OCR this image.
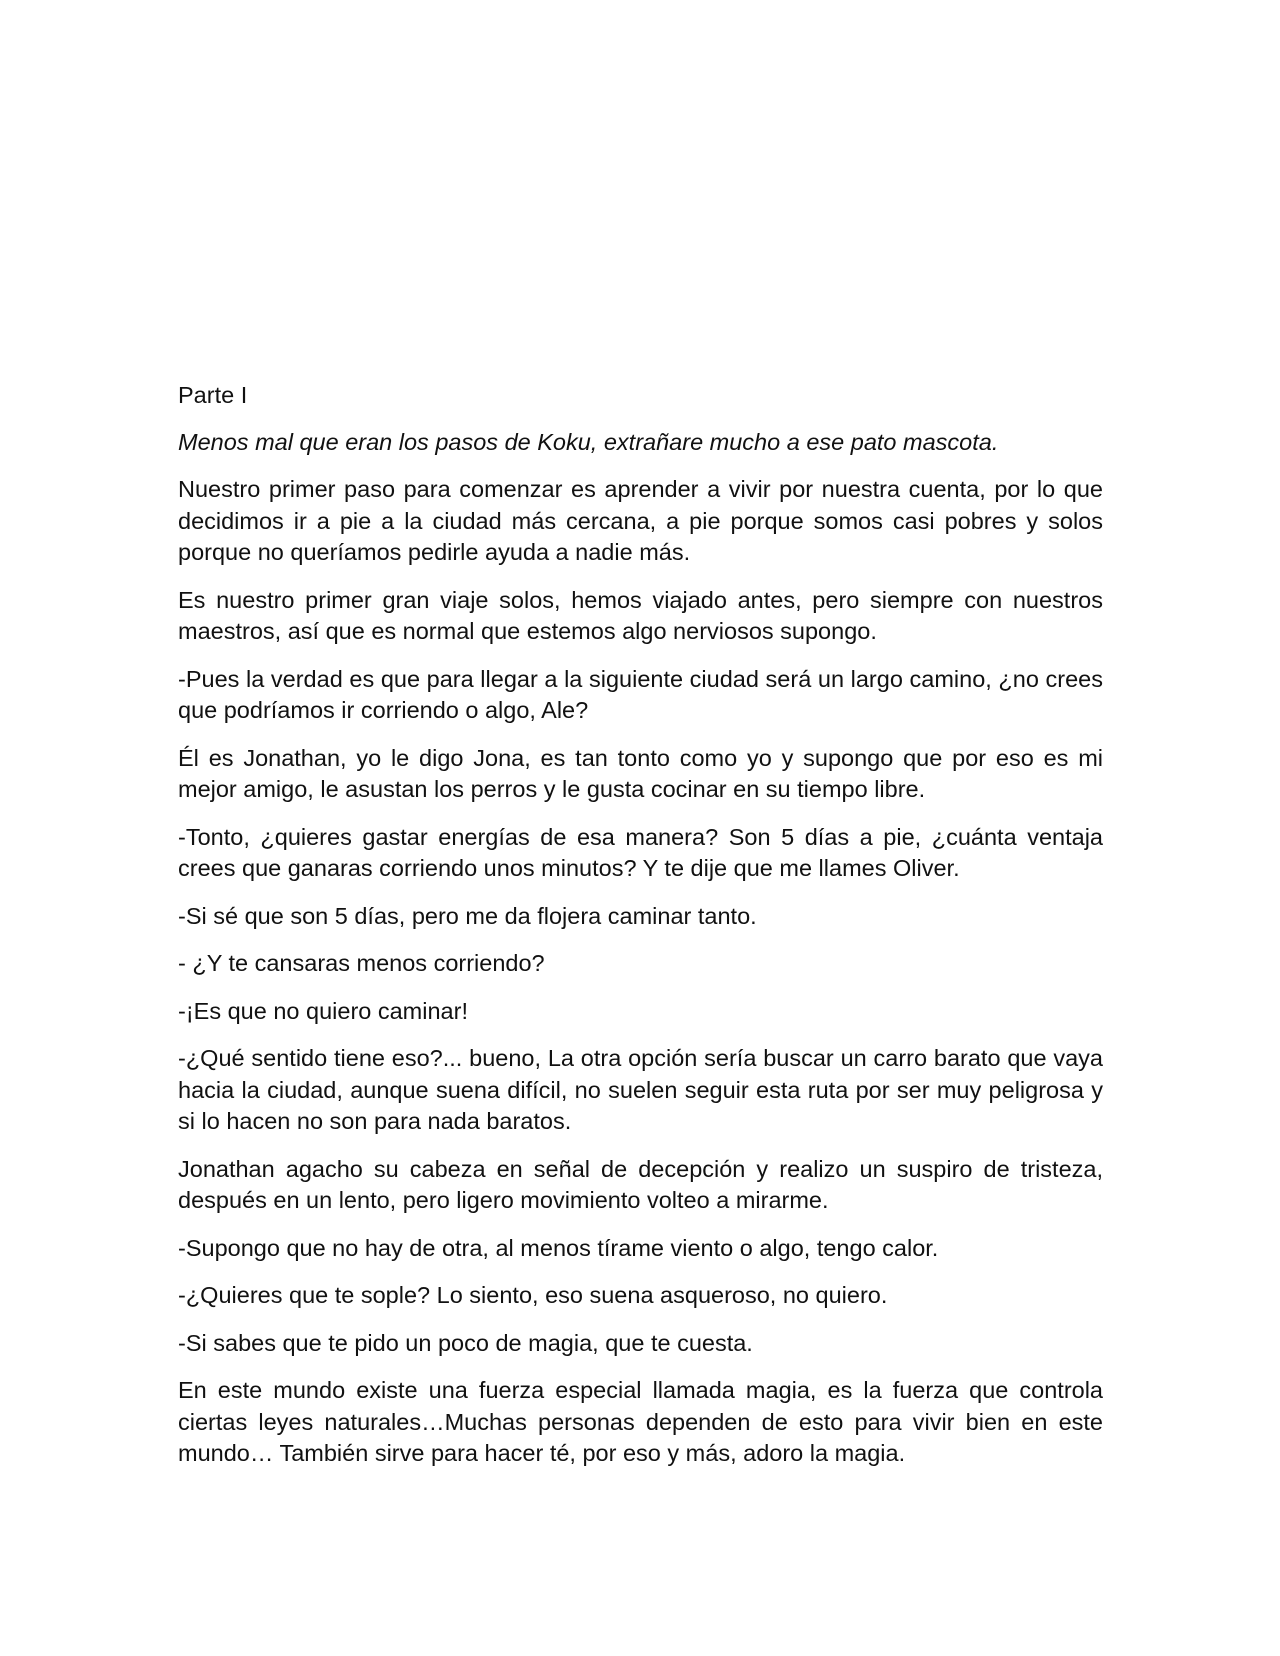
Parte I

Menos mal que eran los pasos de Koku, extrañare mucho a ese pato mascota.

Nuestro primer paso para comenzar es aprender a vivir por nuestra cuenta, por lo que decidimos ir a pie a la ciudad más cercana, a pie porque somos casi pobres y solos porque no queríamos pedirle ayuda a nadie más.

Es nuestro primer gran viaje solos, hemos viajado antes, pero siempre con nuestros maestros, así que es normal que estemos algo nerviosos supongo.

-Pues la verdad es que para llegar a la siguiente ciudad será un largo camino, ¿no crees que podríamos ir corriendo o algo, Ale?

Él es Jonathan, yo le digo Jona, es tan tonto como yo y supongo que por eso es mi mejor amigo, le asustan los perros y le gusta cocinar en su tiempo libre.

-Tonto, ¿quieres gastar energías de esa manera? Son 5 días a pie, ¿cuánta ventaja crees que ganaras corriendo unos minutos? Y te dije que me llames Oliver.

-Si sé que son 5 días, pero me da flojera caminar tanto.

- ¿Y te cansaras menos corriendo?

-¡Es que no quiero caminar!

-¿Qué sentido tiene eso?... bueno, La otra opción sería buscar un carro barato que vaya hacia la ciudad, aunque suena difícil, no suelen seguir esta ruta por ser muy peligrosa y si lo hacen no son para nada baratos.

Jonathan agacho su cabeza en señal de decepción y realizo un suspiro de tristeza, después en un lento, pero ligero movimiento volteo a mirarme.

-Supongo que no hay de otra, al menos tírame viento o algo, tengo calor.

-¿Quieres que te sople? Lo siento, eso suena asqueroso, no quiero.

-Si sabes que te pido un poco de magia, que te cuesta.

En este mundo existe una fuerza especial llamada magia, es la fuerza que controla ciertas leyes naturales…Muchas personas dependen de esto para vivir bien en este mundo… También sirve para hacer té, por eso y más, adoro la magia.
